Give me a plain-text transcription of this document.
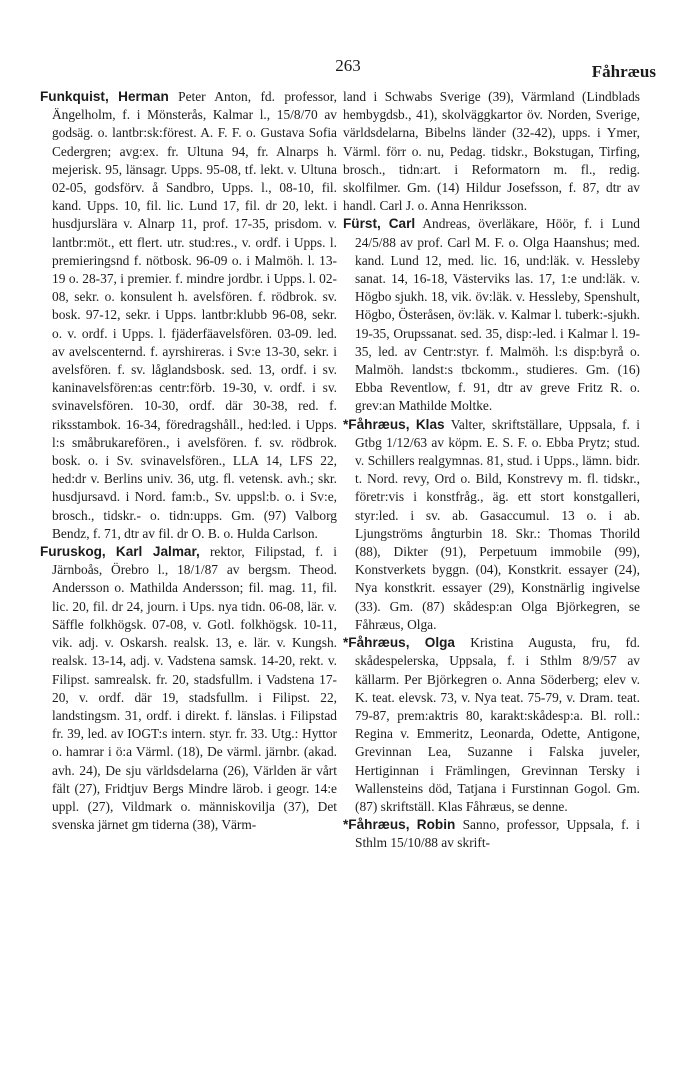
263	Fåhræus

Funkquist, Herman Peter Anton, fd. professor, Ängelholm, f. i Mönsterås, Kalmar l., 15/8/70 av godsäg. o. lantbr:sk:förest. A. F. F. o. Gustava Sofia Cedergren; avg:ex. fr. Ultuna 94, fr. Alnarps h. mejerisk. 95, länsagr. Upps. 95-08, tf. lekt. v. Ultuna 02-05, godsförv. å Sandbro, Upps. l., 08-10, fil. kand. Upps. 10, fil. lic. Lund 17, fil. dr 20, lekt. i husdjurslära v. Alnarp 11, prof. 17-35, prisdom. v. lantbr:möt., ett flert. utr. stud:res., v. ordf. i Upps. l. premieringsnd f. nötbosk. 96-09 o. i Malmöh. l. 13-19 o. 28-37, i premier. f. mindre jordbr. i Upps. l. 02-08, sekr. o. konsulent h. avelsfören. f. rödbrok. sv. bosk. 97-12, sekr. i Upps. lantbr:klubb 96-08, sekr. o. v. ordf. i Upps. l. fjäderfäavelsfören. 03-09. led. av avelscenternd. f. ayrshireras. i Sv:e 13-30, sekr. i avelsfören. f. sv. låglandsbosk. sed. 13, ordf. i sv. kaninavelsfören:as centr:förb. 19-30, v. ordf. i sv. svinavelsfören. 10-30, ordf. där 30-38, red. f. riksstambok. 16-34, föredragshåll., hed:led. i Upps. l:s småbrukarefören., i avelsfören. f. sv. rödbrok. bosk. o. i Sv. svinavelsfören., LLA 14, LFS 22, hed:dr v. Berlins univ. 36, utg. fl. vetensk. avh.; skr. husdjursavd. i Nord. fam:b., Sv. uppsl:b. o. i Sv:e, brosch., tidskr.- o. tidn:upps. Gm. (97) Valborg Bendz, f. 71, dtr av fil. dr O. B. o. Hulda Carlson.

Furuskog, Karl Jalmar, rektor, Filipstad, f. i Järnboås, Örebro l., 18/1/87 av bergsm. Theod. Andersson o. Mathilda Andersson; fil. mag. 11, fil. lic. 20, fil. dr 24, journ. i Ups. nya tidn. 06-08, lär. v. Säffle folkhögsk. 07-08, v. Gotl. folkhögsk. 10-11, vik. adj. v. Oskarsh. realsk. 13, e. lär. v. Kungsh. realsk. 13-14, adj. v. Vadstena samsk. 14-20, rekt. v. Filipst. samrealsk. fr. 20, stadsfullm. i Vadstena 17-20, v. ordf. där 19, stadsfullm. i Filipst. 22, landstingsm. 31, ordf. i direkt. f. länslas. i Filipstad fr. 39, led. av IOGT:s intern. styr. fr. 33. Utg.: Hyttor o. hamrar i ö:a Värml. (18), De värml. järnbr. (akad. avh. 24), De sju världsdelarna (26), Världen är vårt fält (27), Fridtjuv Bergs Mindre lärob. i geogr. 14:e uppl. (27), Vildmark o. människovilja (37), Det svenska järnet gm tiderna (38), Värm-

land i Schwabs Sverige (39), Värmland (Lindblads hembygdsb., 41), skolväggkartor öv. Norden, Sverige, världsdelarna, Bibelns länder (32-42), upps. i Ymer, Värml. förr o. nu, Pedag. tidskr., Bokstugan, Tirfing, brosch., tidn:art. i Reformatorn m. fl., redig. skolfilmer. Gm. (14) Hildur Josefsson, f. 87, dtr av handl. Carl J. o. Anna Henriksson.

Fürst, Carl Andreas, överläkare, Höör, f. i Lund 24/5/88 av prof. Carl M. F. o. Olga Haanshus; med. kand. Lund 12, med. lic. 16, und:läk. v. Hessleby sanat. 14, 16-18, Västerviks las. 17, 1:e und:läk. v. Högbo sjukh. 18, vik. öv:läk. v. Hessleby, Spenshult, Högbo, Österåsen, öv:läk. v. Kalmar l. tuberk:-sjukh. 19-35, Orupssanat. sed. 35, disp:-led. i Kalmar l. 19-35, led. av Centr:styr. f. Malmöh. l:s disp:byrå o. Malmöh. landst:s tbckomm., studieres. Gm. (16) Ebba Reventlow, f. 91, dtr av greve Fritz R. o. grev:an Mathilde Moltke.

*Fåhræus, Klas Valter, skriftställare, Uppsala, f. i Gtbg 1/12/63 av köpm. E. S. F. o. Ebba Prytz; stud. v. Schillers realgymnas. 81, stud. i Upps., lämn. bidr. t. Nord. revy, Ord o. Bild, Konstrevy m. fl. tidskr., företr:vis i konstfråg., äg. ett stort konstgalleri, styr:led. i sv. ab. Gasaccumul. 13 o. i ab. Ljungströms ångturbin 18. Skr.: Thomas Thorild (88), Dikter (91), Perpetuum immobile (99), Konstverkets byggn. (04), Konstkrit. essayer (24), Nya konstkrit. essayer (29), Konstnärlig ingivelse (33). Gm. (87) skådesp:an Olga Björkegren, se Fåhræus, Olga.

*Fåhræus, Olga Kristina Augusta, fru, fd. skådespelerska, Uppsala, f. i Sthlm 8/9/57 av källarm. Per Björkegren o. Anna Söderberg; elev v. K. teat. elevsk. 73, v. Nya teat. 75-79, v. Dram. teat. 79-87, prem:aktris 80, karakt:skådesp:a. Bl. roll.: Regina v. Emmeritz, Leonarda, Odette, Antigone, Grevinnan Lea, Suzanne i Falska juveler, Hertiginnan i Främlingen, Grevinnan Tersky i Wallensteins död, Tatjana i Furstinnan Gogol. Gm. (87) skriftställ. Klas Fåhræus, se denne.

*Fåhræus, Robin Sanno, professor, Uppsala, f. i Sthlm 15/10/88 av skrift-
